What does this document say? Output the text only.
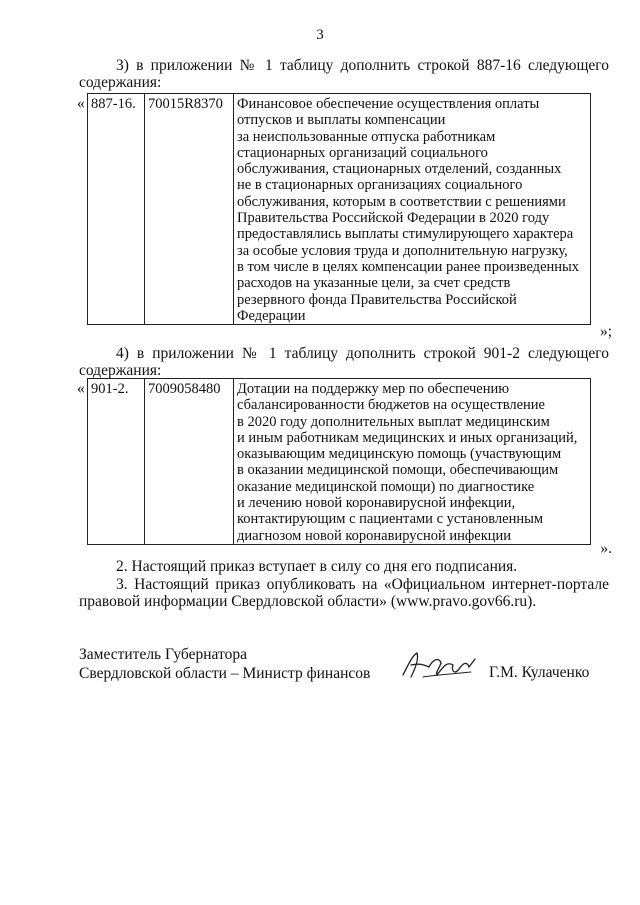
3
3) в приложении № 1 таблицу дополнить строкой 887-16 следующего
содержания:
« 887-16.	70015R8370	Финансовое обеспечение осуществления оплаты
отпусков и выплаты компенсации
за неиспользованные отпуска работникам
стационарных организаций социального
обслуживания, стационарных отделений, созданных
не в стационарных организациях социального
обслуживания, которым в соответствии с решениями
Правительства Российской Федерации в 2020 году
предоставлялись выплаты стимулирующего характера
за особые условия труда и дополнительную нагрузку,
в том числе в целях компенсации ранее произведенных
расходов на указанные цели, за счет средств
резервного фонда Правительства Российской
Федерации
»;
4) в приложении № 1 таблицу дополнить строкой 901-2 следующего
содержания:
« 901-2.	7009058480	Дотации на поддержку мер по обеспечению
сбалансированности бюджетов на осуществление
в 2020 году дополнительных выплат медицинским
и иным работникам медицинских и иных организаций,
оказывающим медицинскую помощь (участвующим
в оказании медицинской помощи, обеспечивающим
оказание медицинской помощи) по диагностике
и лечению новой коронавирусной инфекции,
контактирующим с пациентами с установленным
диагнозом новой коронавирусной инфекции
».
2. Настоящий приказ вступает в силу со дня его подписания.
3. Настоящий приказ опубликовать на «Официальном интернет-портале
правовой информации Свердловской области» (www.pravo.gov66.ru).
Заместитель Губернатора
Свердловской области – Министр финансов	Г.М. Кулаченко
